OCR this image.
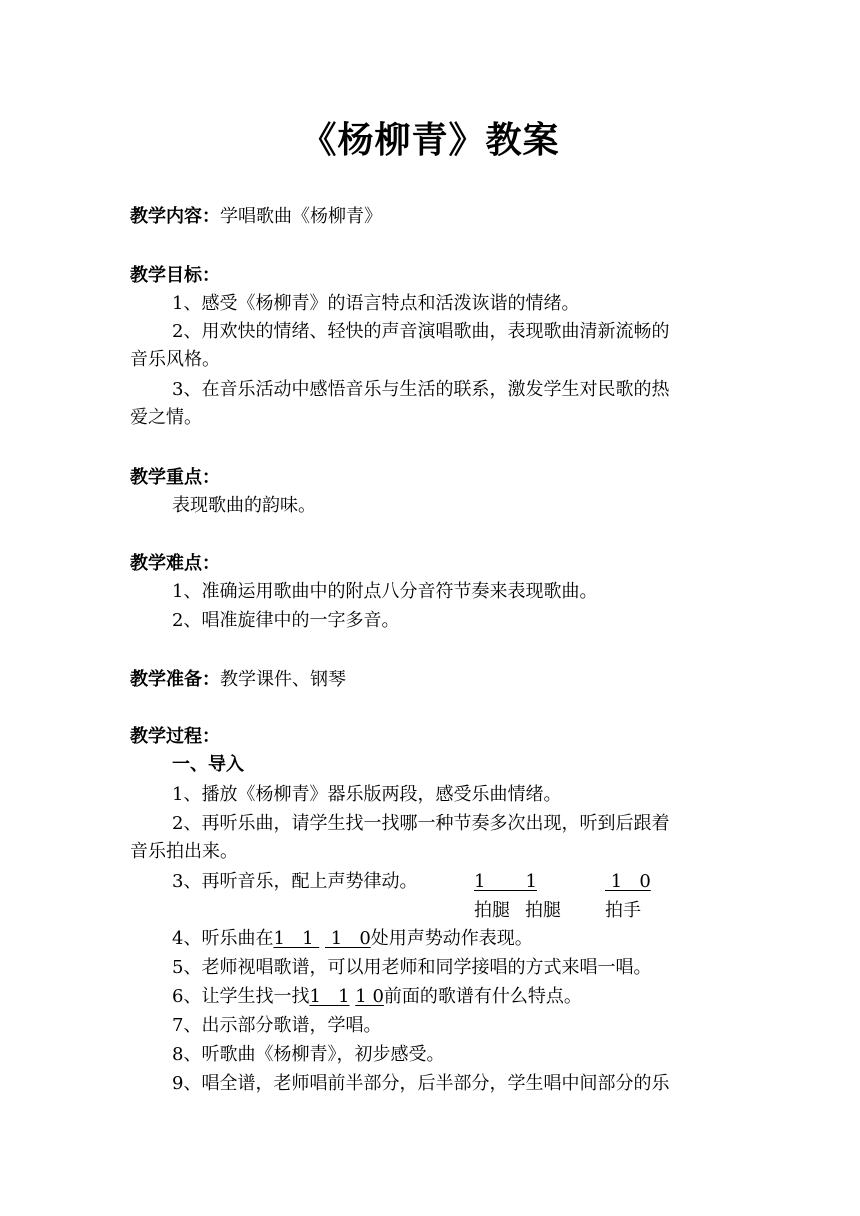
《杨柳青》教案
教学内容：学唱歌曲《杨柳青》
教学目标：
1、感受《杨柳青》的语言特点和活泼诙谐的情绪。
2、用欢快的情绪、轻快的声音演唱歌曲，表现歌曲清新流畅的
音乐风格。
3、在音乐活动中感悟音乐与生活的联系，激发学生对民歌的热
爱之情。
教学重点：
表现歌曲的韵味。
教学难点：
1、准确运用歌曲中的附点八分音符节奏来表现歌曲。
2、唱准旋律中的一字多音。
教学准备：教学课件、钢琴
教学过程：
一、导入
1、播放《杨柳青》器乐版两段，感受乐曲情绪。
2、再听乐曲，请学生找一找哪一种节奏多次出现，听到后跟着
音乐拍出来。
3、再听音乐，配上声势律动。	1       1	1   0
拍腿 拍腿 拍手
4、听乐曲在1   1   1   0处用声势动作表现。
5、老师视唱歌谱，可以用老师和同学接唱的方式来唱一唱。
6、让学生找一找1   1 1 0前面的歌谱有什么特点。
7、出示部分歌谱，学唱。
8、听歌曲《杨柳青》，初步感受。
9、唱全谱，老师唱前半部分，后半部分，学生唱中间部分的乐
